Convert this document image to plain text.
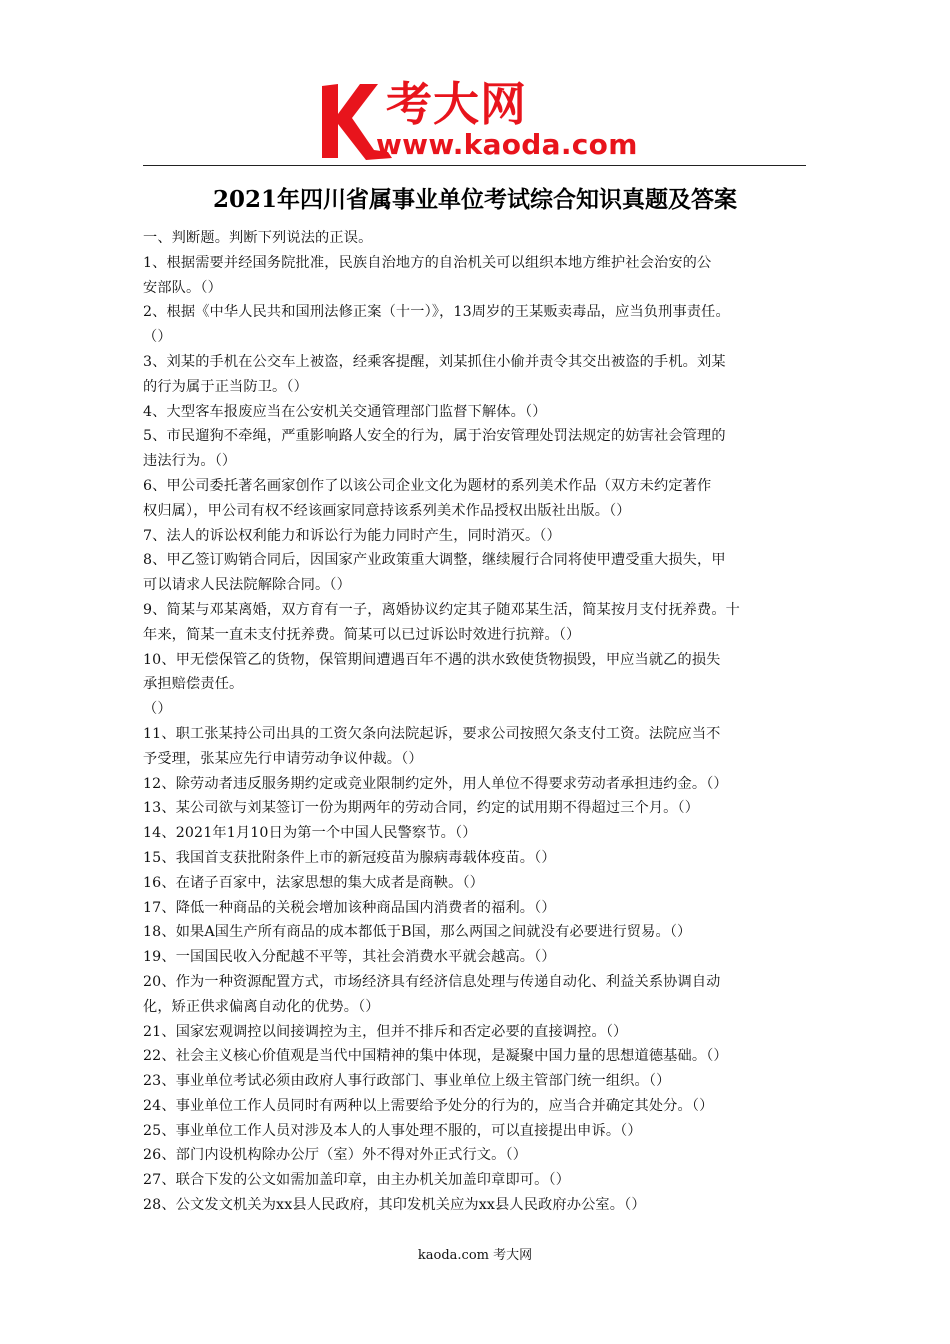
考大网
www.kaoda.com
2021年四川省属事业单位考试综合知识真题及答案
一、判断题。判断下列说法的正误。
1、根据需要并经国务院批准，民族自治地方的自治机关可以组织本地方维护社会治安的公
安部队。（）
2、根据《中华人民共和国刑法修正案（十一）》，13周岁的王某贩卖毒品，应当负刑事责任。
（）
3、刘某的手机在公交车上被盗，经乘客提醒，刘某抓住小偷并责令其交出被盗的手机。刘某
的行为属于正当防卫。（）
4、大型客车报废应当在公安机关交通管理部门监督下解体。（）
5、市民遛狗不牵绳，严重影响路人安全的行为，属于治安管理处罚法规定的妨害社会管理的
违法行为。（）
6、甲公司委托著名画家创作了以该公司企业文化为题材的系列美术作品（双方未约定著作
权归属），甲公司有权不经该画家同意持该系列美术作品授权出版社出版。（）
7、法人的诉讼权利能力和诉讼行为能力同时产生，同时消灭。（）
8、甲乙签订购销合同后，因国家产业政策重大调整，继续履行合同将使甲遭受重大损失，甲
可以请求人民法院解除合同。（）
9、简某与邓某离婚，双方育有一子，离婚协议约定其子随邓某生活，简某按月支付抚养费。十
年来，简某一直未支付抚养费。简某可以已过诉讼时效进行抗辩。（）
10、甲无偿保管乙的货物，保管期间遭遇百年不遇的洪水致使货物损毁，甲应当就乙的损失
承担赔偿责任。
（）
11、职工张某持公司出具的工资欠条向法院起诉，要求公司按照欠条支付工资。法院应当不
予受理，张某应先行申请劳动争议仲裁。（）
12、除劳动者违反服务期约定或竞业限制约定外，用人单位不得要求劳动者承担违约金。（）
13、某公司欲与刘某签订一份为期两年的劳动合同，约定的试用期不得超过三个月。（）
14、2021年1月10日为第一个中国人民警察节。（）
15、我国首支获批附条件上市的新冠疫苗为腺病毒载体疫苗。（）
16、在诸子百家中，法家思想的集大成者是商鞅。（）
17、降低一种商品的关税会增加该种商品国内消费者的福利。（）
18、如果A国生产所有商品的成本都低于B国，那么两国之间就没有必要进行贸易。（）
19、一国国民收入分配越不平等，其社会消费水平就会越高。（）
20、作为一种资源配置方式，市场经济具有经济信息处理与传递自动化、利益关系协调自动
化，矫正供求偏离自动化的优势。（）
21、国家宏观调控以间接调控为主，但并不排斥和否定必要的直接调控。（）
22、社会主义核心价值观是当代中国精神的集中体现，是凝聚中国力量的思想道德基础。（）
23、事业单位考试必须由政府人事行政部门、事业单位上级主管部门统一组织。（）
24、事业单位工作人员同时有两种以上需要给予处分的行为的，应当合并确定其处分。（）
25、事业单位工作人员对涉及本人的人事处理不服的，可以直接提出申诉。（）
26、部门内设机构除办公厅（室）外不得对外正式行文。（）
27、联合下发的公文如需加盖印章，由主办机关加盖印章即可。（）
28、公文发文机关为xx县人民政府，其印发机关应为xx县人民政府办公室。（）
kaoda.com 考大网
